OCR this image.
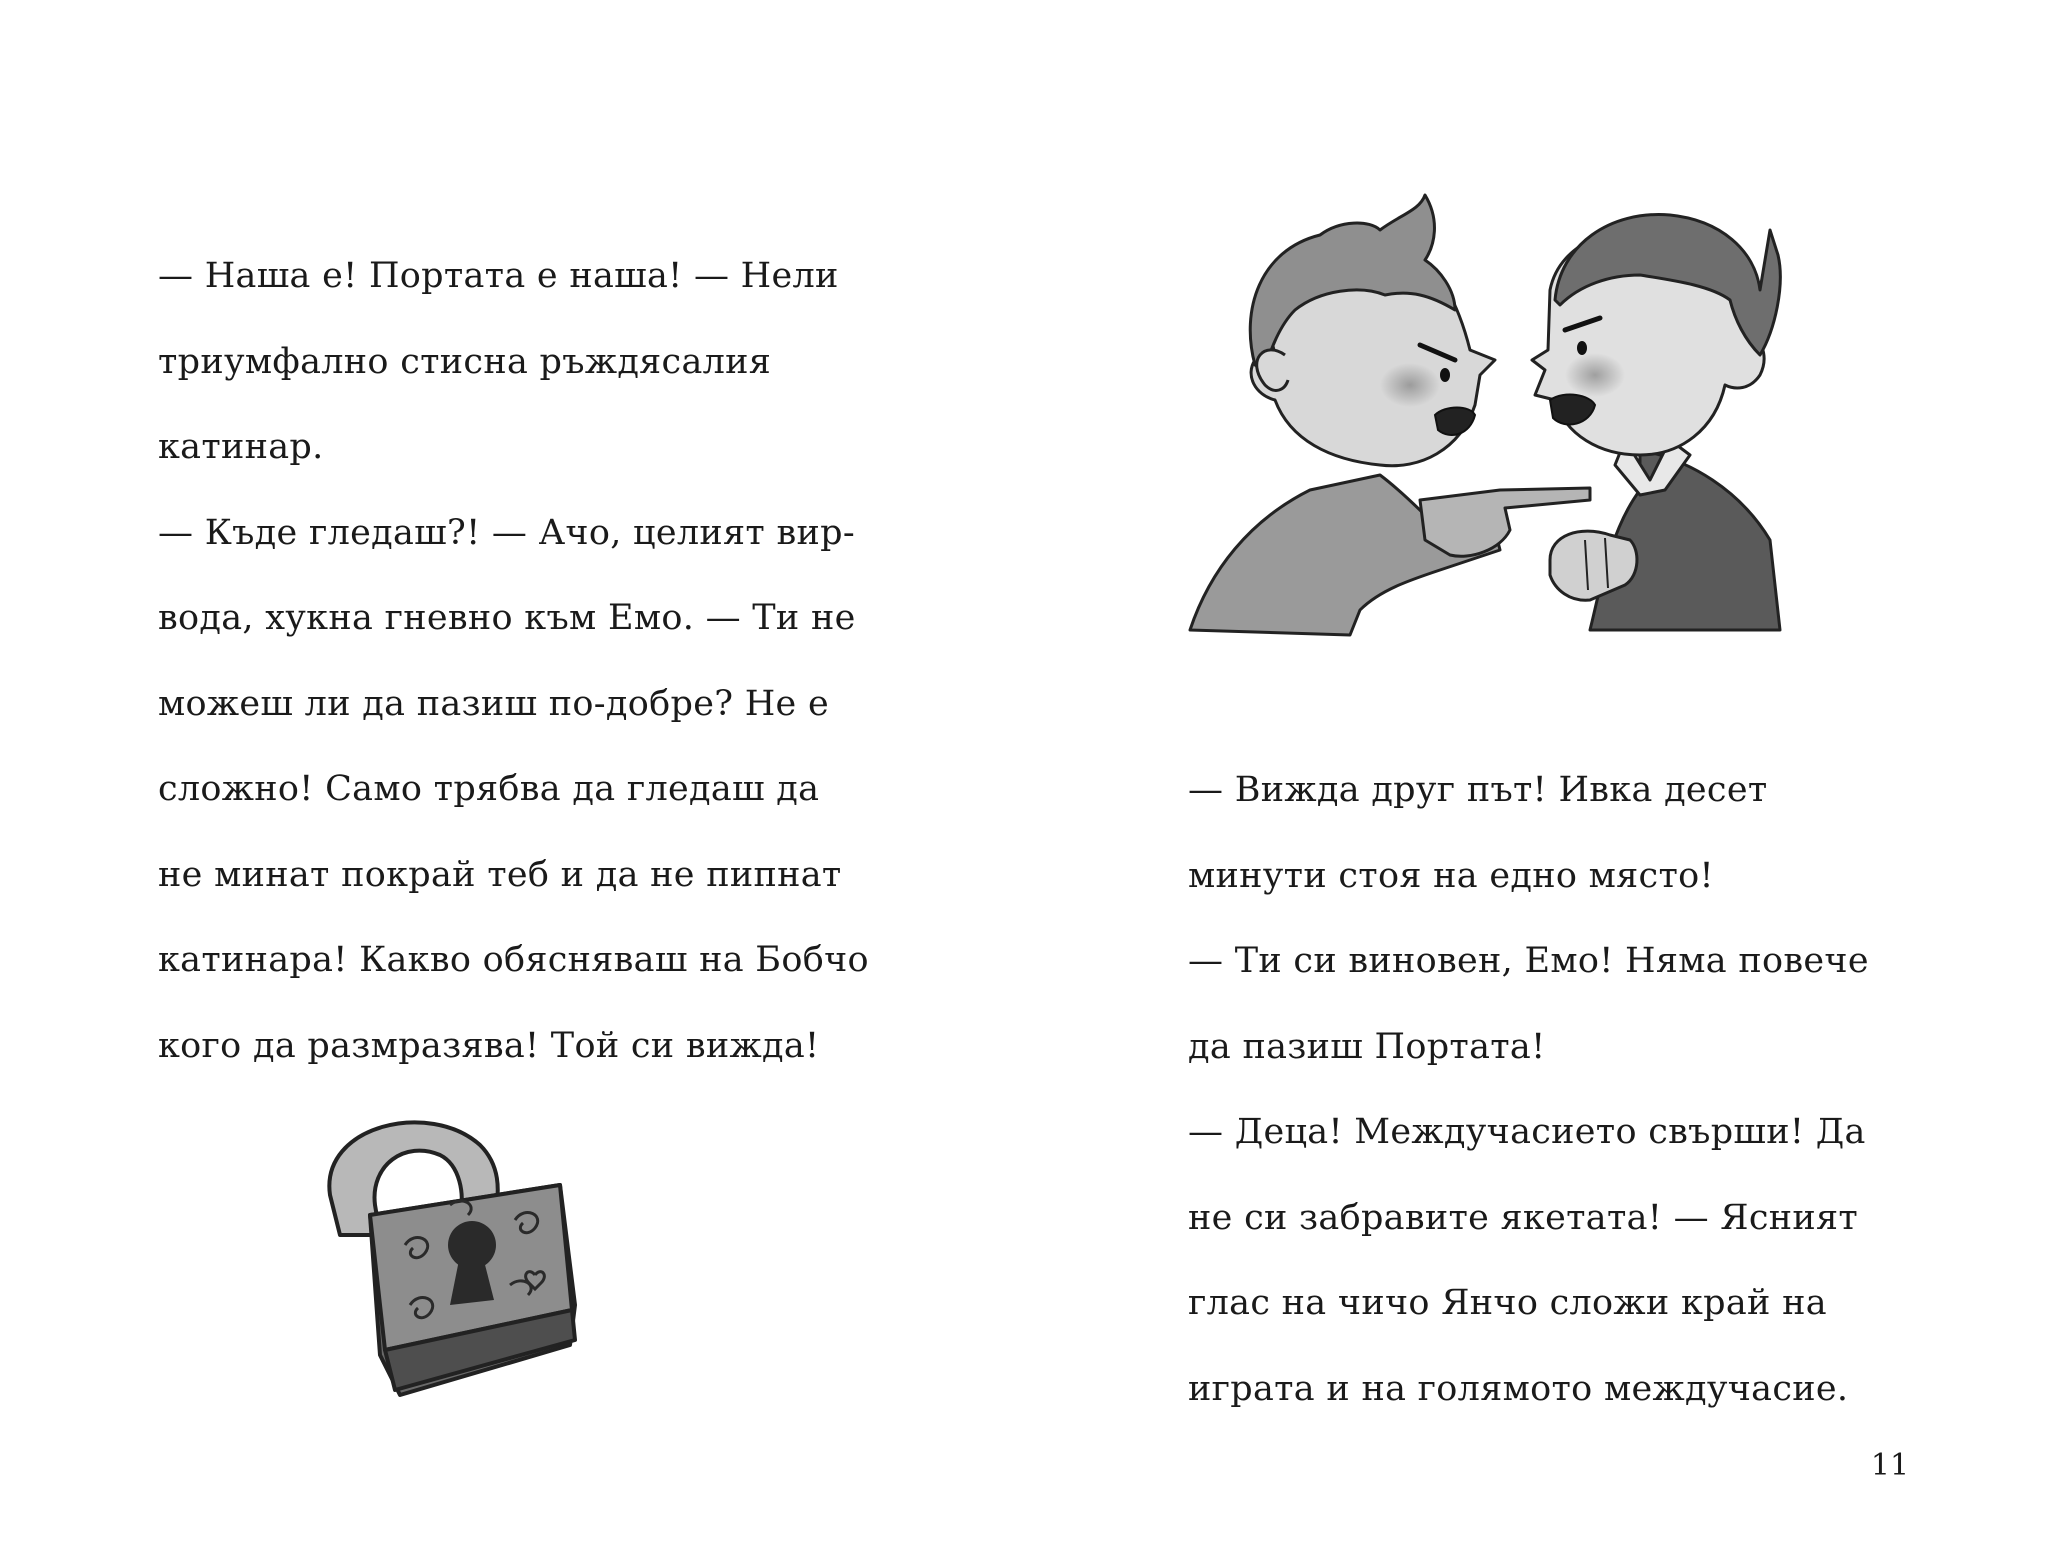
— Наша е! Портата е наша! — Нели
триумфално стисна ръждясалия
катинар.
— Къде гледаш?! — Ачо, целият вир-
вода, хукна гневно към Емо. — Ти не
можеш ли да пазиш по-добре? Не е
сложно! Само трябва да гледаш да
не минат покрай теб и да не пипнат
катинара! Какво обясняваш на Бобчо
кого да размразява! Той си вижда!
— Вижда друг път! Ивка десет
минути стоя на едно място!
— Ти си виновен, Емо! Няма повече
да пазиш Портата!
— Деца! Междучасието свърши! Да
не си забравите якетата! — Ясният
глас на чичо Янчо сложи край на
играта и на голямото междучасие.
11
